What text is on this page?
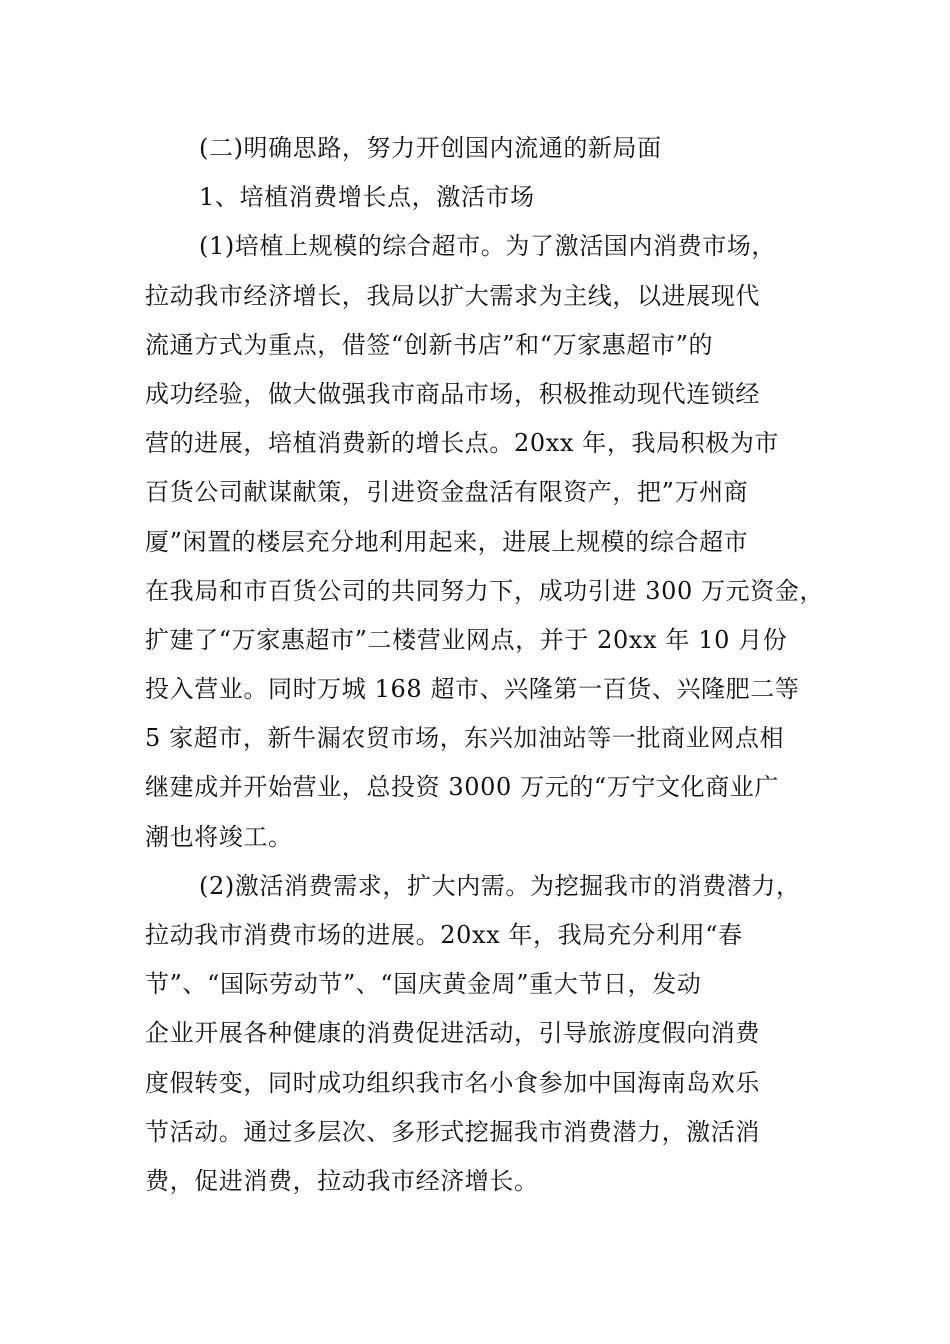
(二)明确思路，努力开创国内流通的新局面
1、培植消费增长点，激活市场
(1)培植上规模的综合超市。为了激活国内消费市场，
拉动我市经济增长，我局以扩大需求为主线，以进展现代
流通方式为重点，借签“创新书店”和“万家惠超市”的
成功经验，做大做强我市商品市场，积极推动现代连锁经
营的进展，培植消费新的增长点。20xx 年，我局积极为市
百货公司献谋献策，引进资金盘活有限资产，把”万州商
厦”闲置的楼层充分地利用起来，进展上规模的综合超市
在我局和市百货公司的共同努力下，成功引进 300 万元资金，
扩建了“万家惠超市”二楼营业网点，并于 20xx 年 10 月份
投入营业。同时万城 168 超市、兴隆第一百货、兴隆肥二等
5 家超市，新牛漏农贸市场，东兴加油站等一批商业网点相
继建成并开始营业，总投资 3000 万元的“万宁文化商业广
潮也将竣工。
(2)激活消费需求，扩大内需。为挖掘我市的消费潜力，
拉动我市消费市场的进展。20xx 年，我局充分利用“春
节”、“国际劳动节”、“国庆黄金周”重大节日，发动
企业开展各种健康的消费促进活动，引导旅游度假向消费
度假转变，同时成功组织我市名小食参加中国海南岛欢乐
节活动。通过多层次、多形式挖掘我市消费潜力，激活消
费，促进消费，拉动我市经济增长。
